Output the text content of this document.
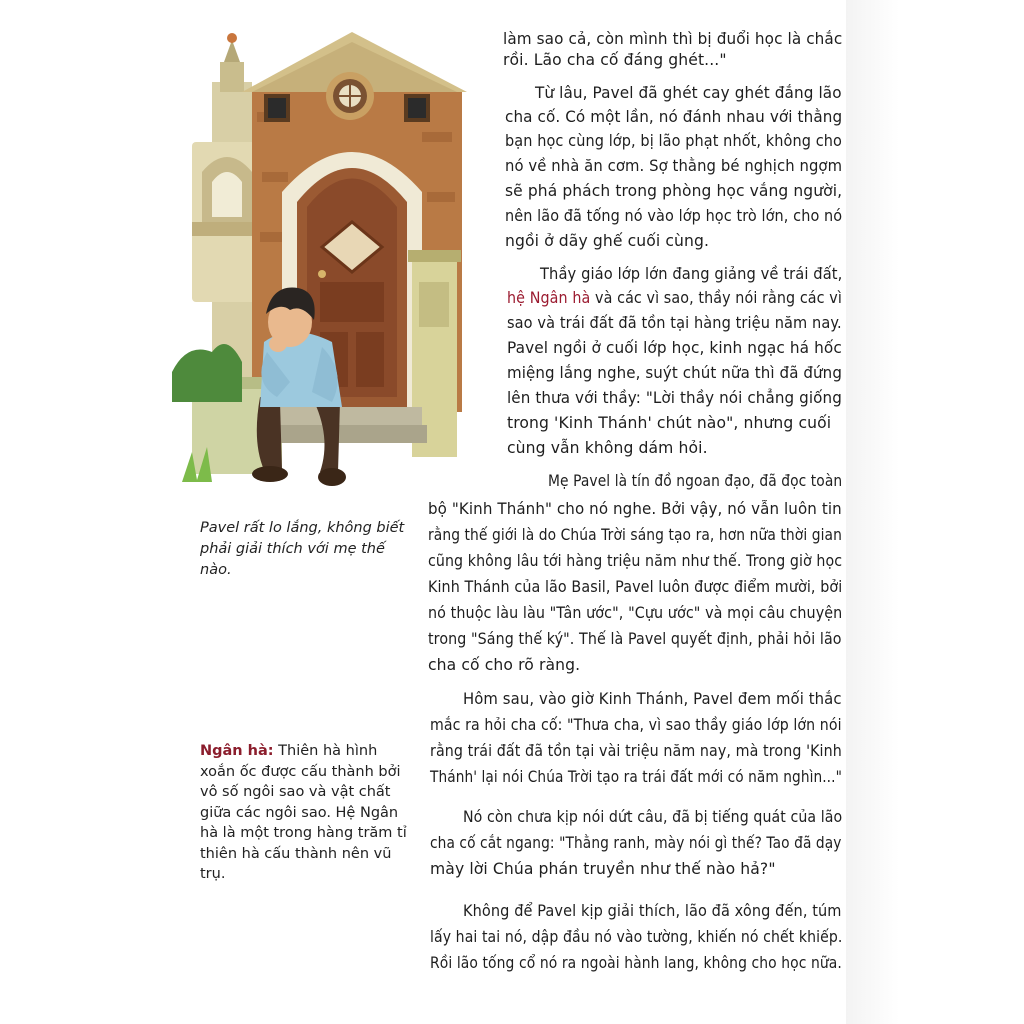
Pavel rất lo lắng, không biết phải giải thích với mẹ thế nào.
Ngân hà: Thiên hà hình xoắn ốc được cấu thành bởi vô số ngôi sao và vật chất giữa các ngôi sao. Hệ Ngân hà là một trong hàng trăm tỉ thiên hà cấu thành nên vũ trụ.

làm sao cả, còn mình thì bị đuổi học là chắc

rồi. Lão cha cố đáng ghét..."

Từ lâu, Pavel đã ghét cay ghét đắng lão

cha cố. Có một lần, nó đánh nhau với thằng

bạn học cùng lớp, bị lão phạt nhốt, không cho

nó về nhà ăn cơm. Sợ thằng bé nghịch ngợm

sẽ phá phách trong phòng học vắng người,

nên lão đã tống nó vào lớp học trò lớn, cho nó

ngồi ở dãy ghế cuối cùng.

Thầy giáo lớp lớn đang giảng về trái đất,

hệ Ngân hà và các vì sao, thầy nói rằng các vì

sao và trái đất đã tồn tại hàng triệu năm nay.

Pavel ngồi ở cuối lớp học, kinh ngạc há hốc

miệng lắng nghe, suýt chút nữa thì đã đứng

lên thưa với thầy: "Lời thầy nói chẳng giống

trong 'Kinh Thánh' chút nào", nhưng cuối

cùng vẫn không dám hỏi.

Mẹ Pavel là tín đồ ngoan đạo, đã đọc toàn

bộ "Kinh Thánh" cho nó nghe. Bởi vậy, nó vẫn luôn tin

rằng thế giới là do Chúa Trời sáng tạo ra, hơn nữa thời gian

cũng không lâu tới hàng triệu năm như thế. Trong giờ học

Kinh Thánh của lão Basil, Pavel luôn được điểm mười, bởi

nó thuộc làu làu "Tân ước", "Cựu ước" và mọi câu chuyện

trong "Sáng thế ký". Thế là Pavel quyết định, phải hỏi lão

cha cố cho rõ ràng.

Hôm sau, vào giờ Kinh Thánh, Pavel đem mối thắc

mắc ra hỏi cha cố: "Thưa cha, vì sao thầy giáo lớp lớn nói

rằng trái đất đã tồn tại vài triệu năm nay, mà trong 'Kinh

Thánh' lại nói Chúa Trời tạo ra trái đất mới có năm nghìn..."

Nó còn chưa kịp nói dứt câu, đã bị tiếng quát của lão

cha cố cắt ngang: "Thằng ranh, mày nói gì thế? Tao đã dạy

mày lời Chúa phán truyền như thế nào hả?"

Không để Pavel kịp giải thích, lão đã xông đến, túm

lấy hai tai nó, dập đầu nó vào tường, khiến nó chết khiếp.

Rồi lão tống cổ nó ra ngoài hành lang, không cho học nữa.
